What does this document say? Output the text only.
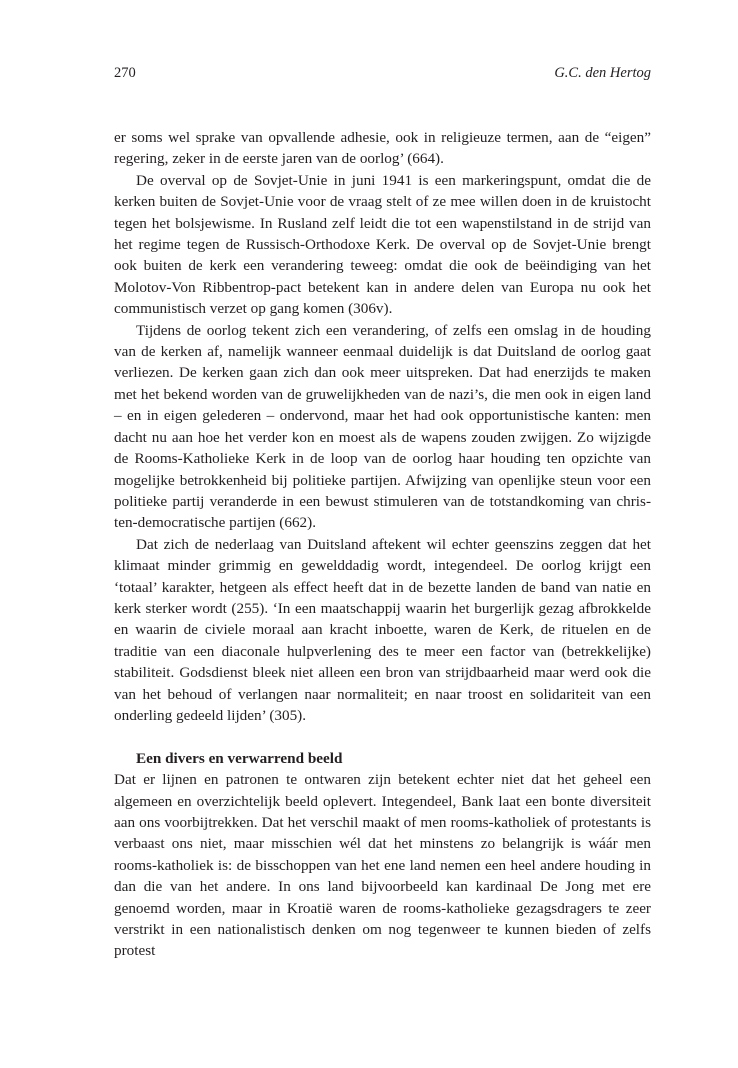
270	G.C. den Hertog

er soms wel sprake van opvallende adhesie, ook in religieuze termen, aan de “eigen” regering, zeker in de eerste jaren van de oorlog’ (664).

De overval op de Sovjet-Unie in juni 1941 is een markeringspunt, omdat die de kerken buiten de Sovjet-Unie voor de vraag stelt of ze mee willen doen in de kruistocht tegen het bolsjewisme. In Rusland zelf leidt die tot een wapenstilstand in de strijd van het regime tegen de Russisch-Orthodoxe Kerk. De overval op de Sovjet-Unie brengt ook buiten de kerk een verandering teweeg: omdat die ook de beëindiging van het Molotov-Von Ribbentrop-pact betekent kan in andere delen van Europa nu ook het communistisch verzet op gang komen (306v).

Tijdens de oorlog tekent zich een verandering, of zelfs een omslag in de houding van de kerken af, namelijk wanneer eenmaal duidelijk is dat Duitsland de oorlog gaat verliezen. De kerken gaan zich dan ook meer uitspreken. Dat had enerzijds te maken met het bekend worden van de gruwelijkheden van de nazi’s, die men ook in eigen land – en in eigen gelederen – ondervond, maar het had ook opportunistische kanten: men dacht nu aan hoe het verder kon en moest als de wapens zouden zwijgen. Zo wijzigde de Rooms-Katholieke Kerk in de loop van de oorlog haar houding ten opzichte van mogelijke betrokkenheid bij politieke partijen. Afwijzing van openlijke steun voor een politieke partij veranderde in een bewust stimuleren van de totstandkoming van christen-democratische partijen (662).

Dat zich de nederlaag van Duitsland aftekent wil echter geenszins zeggen dat het klimaat minder grimmig en gewelddadig wordt, integendeel. De oorlog krijgt een ‘totaal’ karakter, hetgeen als effect heeft dat in de bezette landen de band van natie en kerk sterker wordt (255). ‘In een maatschappij waarin het burgerlijk gezag afbrokkelde en waarin de civiele moraal aan kracht inboette, waren de Kerk, de rituelen en de traditie van een diaconale hulpverlening des te meer een factor van (betrekkelijke) stabiliteit. Godsdienst bleek niet alleen een bron van strijdbaarheid maar werd ook die van het behoud of verlangen naar normaliteit; en naar troost en solidariteit van een onderling gedeeld lijden’ (305).

Een divers en verwarrend beeld

Dat er lijnen en patronen te ontwaren zijn betekent echter niet dat het geheel een algemeen en overzichtelijk beeld oplevert. Integendeel, Bank laat een bonte diversiteit aan ons voorbijtrekken. Dat het verschil maakt of men rooms-katholiek of protestants is verbaast ons niet, maar misschien wél dat het minstens zo belangrijk is wáár men rooms-katholiek is: de bisschoppen van het ene land nemen een heel andere houding in dan die van het andere. In ons land bijvoorbeeld kan kardinaal De Jong met ere genoemd worden, maar in Kroatië waren de rooms-katholieke gezagsdragers te zeer verstrikt in een nationalistisch denken om nog tegenweer te kunnen bieden of zelfs protest
